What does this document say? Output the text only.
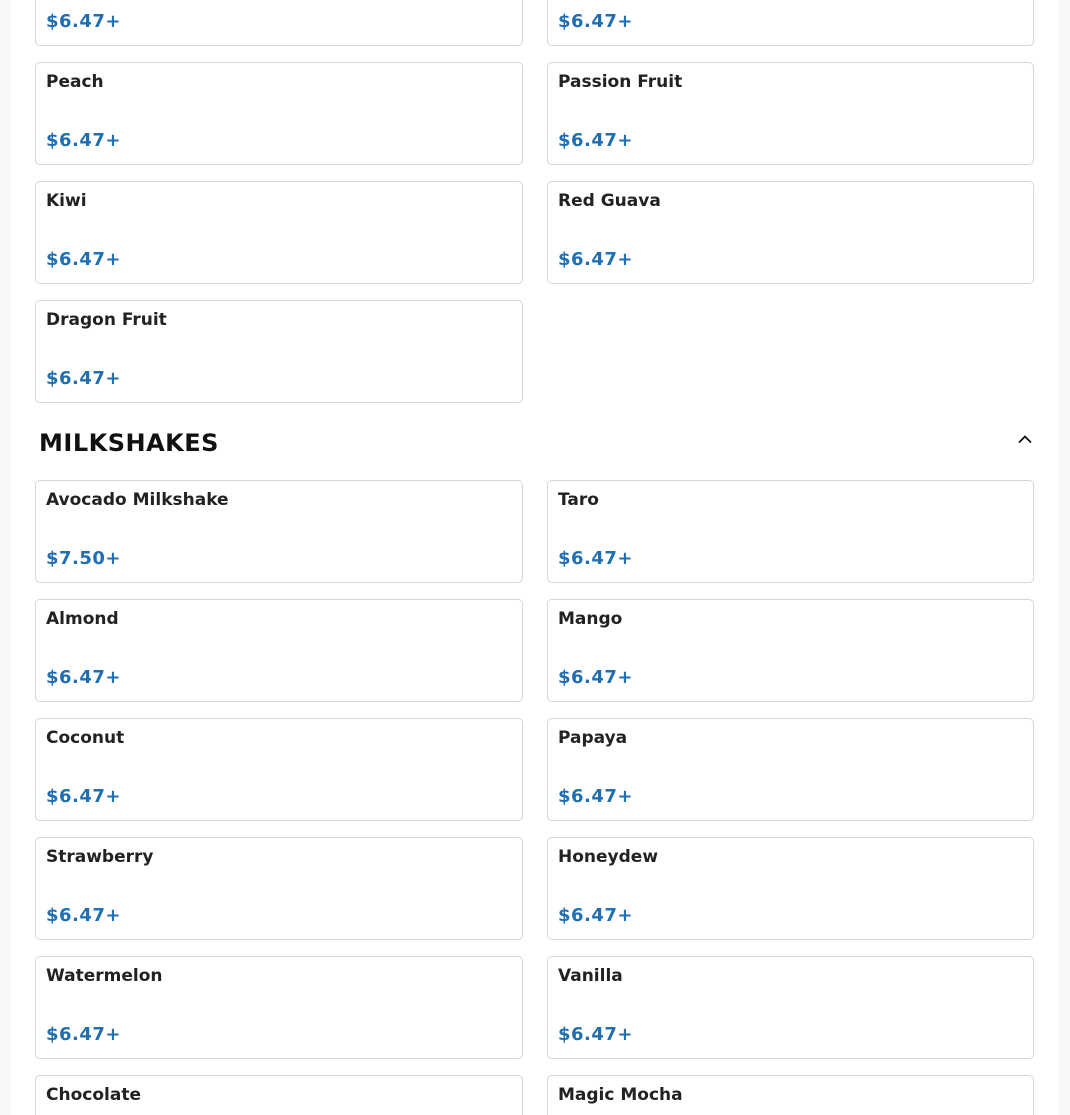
$6.47+	$6.47+
Peach
$6.47+
Passion Fruit
$6.47+
Kiwi
$6.47+
Red Guava
$6.47+
Dragon Fruit
$6.47+
MILKSHAKES
Avocado Milkshake
$7.50+
Taro
$6.47+
Almond
$6.47+
Mango
$6.47+
Coconut
$6.47+
Papaya
$6.47+
Strawberry
$6.47+
Honeydew
$6.47+
Watermelon
$6.47+
Vanilla
$6.47+
Chocolate	Magic Mocha
